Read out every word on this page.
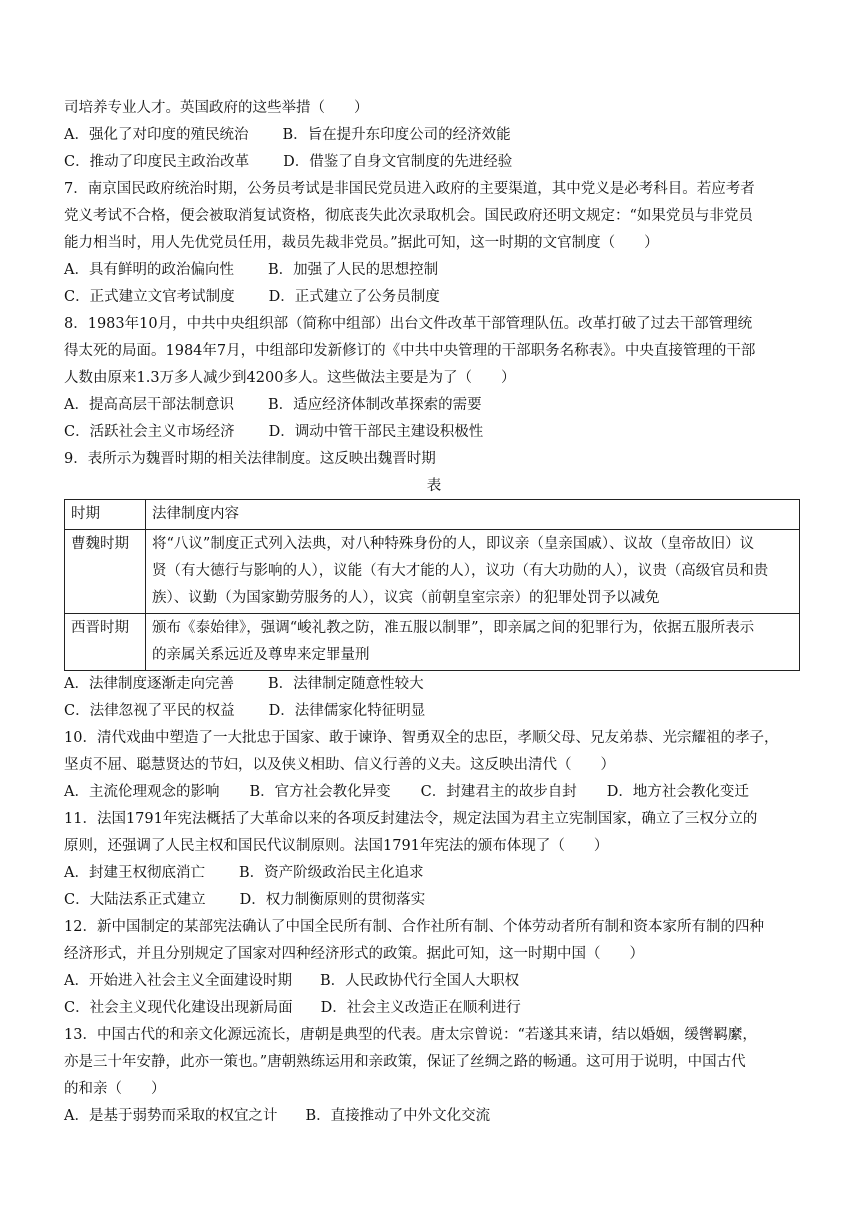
司培养专业人才。英国政府的这些举措（　　）
A．强化了对印度的殖民统治 B．旨在提升东印度公司的经济效能
C．推动了印度民主政治改革 D．借鉴了自身文官制度的先进经验
7．南京国民政府统治时期，公务员考试是非国民党员进入政府的主要渠道，其中党义是必考科目。若应考者
党义考试不合格，便会被取消复试资格，彻底丧失此次录取机会。国民政府还明文规定：“如果党员与非党员
能力相当时，用人先优党员任用，裁员先裁非党员。”据此可知，这一时期的文官制度（　　）
A．具有鲜明的政治偏向性 B．加强了人民的思想控制
C．正式建立文官考试制度 D．正式建立了公务员制度
8．1983年10月，中共中央组织部（简称中组部）出台文件改革干部管理队伍。改革打破了过去干部管理统
得太死的局面。1984年7月，中组部印发新修订的《中共中央管理的干部职务名称表》。中央直接管理的干部
人数由原来1.3万多人减少到4200多人。这些做法主要是为了（　　）
A．提高高层干部法制意识 B．适应经济体制改革探索的需要
C．活跃社会主义市场经济 D．调动中管干部民主建设积极性
9．表所示为魏晋时期的相关法律制度。这反映出魏晋时期
表
时期	法律制度内容
曹魏时期	将“八议”制度正式列入法典，对八种特殊身份的人，即议亲（皇亲国戚）、议故（皇帝故旧）议
贤（有大德行与影响的人），议能（有大才能的人），议功（有大功勋的人），议贵（高级官员和贵
族）、议勤（为国家勤劳服务的人），议宾（前朝皇室宗亲）的犯罪处罚予以减免

西晋时期	颁布《泰始律》，强调“峻礼教之防，准五服以制罪”，即亲属之间的犯罪行为，依据五服所表示
的亲属关系远近及尊卑来定罪量刑
A．法律制度逐渐走向完善 B．法律制定随意性较大
C．法律忽视了平民的权益 D．法律儒家化特征明显
10．清代戏曲中塑造了一大批忠于国家、敢于谏诤、智勇双全的忠臣，孝顺父母、兄友弟恭、光宗耀祖的孝子，
坚贞不屈、聪慧贤达的节妇，以及侠义相助、信义行善的义夫。这反映出清代（　　）
A．主流伦理观念的影响 B．官方社会教化异变 C．封建君主的故步自封 D．地方社会教化变迁
11．法国1791年宪法概括了大革命以来的各项反封建法令，规定法国为君主立宪制国家，确立了三权分立的
原则，还强调了人民主权和国民代议制原则。法国1791年宪法的颁布体现了（　　）
A．封建王权彻底消亡 B．资产阶级政治民主化追求
C．大陆法系正式建立 D．权力制衡原则的贯彻落实
12．新中国制定的某部宪法确认了中国全民所有制、合作社所有制、个体劳动者所有制和资本家所有制的四种
经济形式，并且分别规定了国家对四种经济形式的政策。据此可知，这一时期中国（　　）
A．开始进入社会主义全面建设时期 B．人民政协代行全国人大职权
C．社会主义现代化建设出现新局面 D．社会主义改造正在顺利进行
13．中国古代的和亲文化源远流长，唐朝是典型的代表。唐太宗曾说：“若遂其来请，结以婚姻，缓辔羁縻，
亦是三十年安静，此亦一策也。”唐朝熟练运用和亲政策，保证了丝绸之路的畅通。这可用于说明，中国古代
的和亲（　　）
A．是基于弱势而采取的权宜之计 B．直接推动了中外文化交流
